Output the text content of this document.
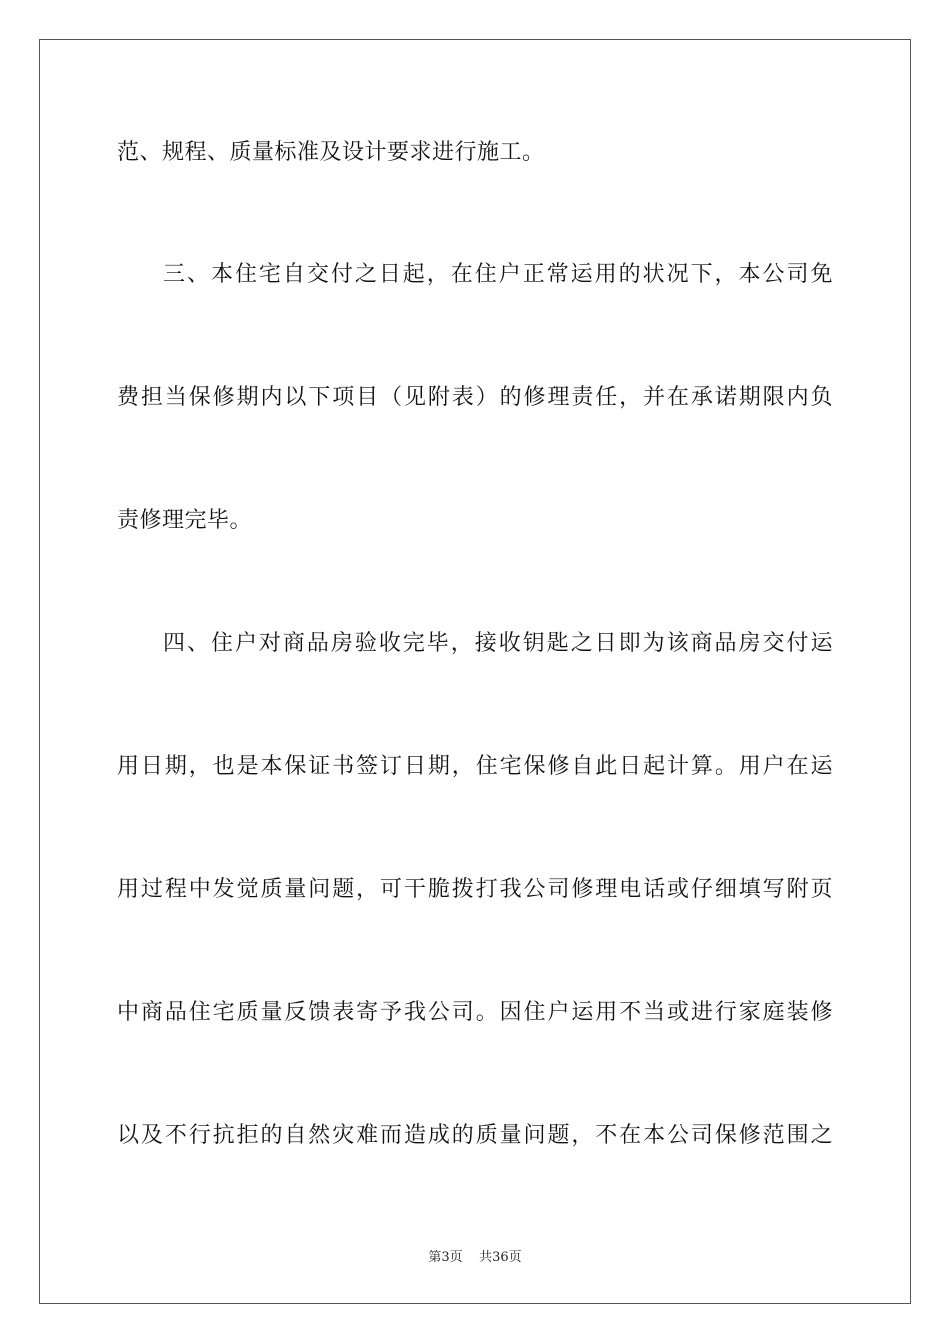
范、规程、质量标准及设计要求进行施工。
三、本住宅自交付之日起，在住户正常运用的状况下，本公司免
费担当保修期内以下项目（见附表）的修理责任，并在承诺期限内负
责修理完毕。
四、住户对商品房验收完毕，接收钥匙之日即为该商品房交付运
用日期，也是本保证书签订日期，住宅保修自此日起计算。用户在运
用过程中发觉质量问题，可干脆拨打我公司修理电话或仔细填写附页
中商品住宅质量反馈表寄予我公司。因住户运用不当或进行家庭装修
以及不行抗拒的自然灾难而造成的质量问题，不在本公司保修范围之
第3页 共36页
